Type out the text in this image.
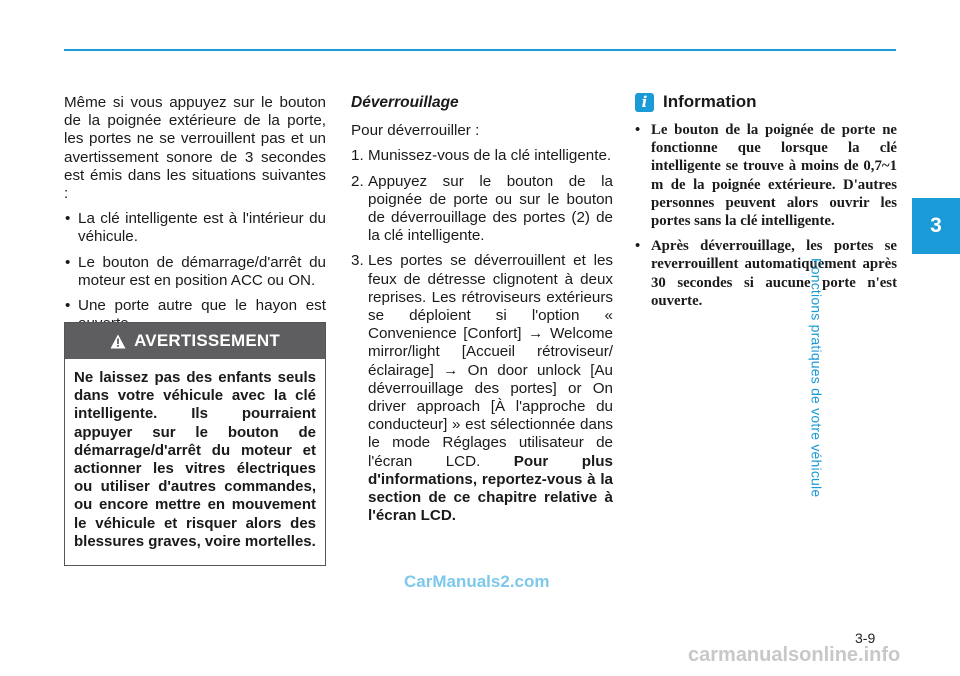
Même si vous appuyez sur le bouton de la poignée extérieure de la porte, les portes ne se verrouillent pas et un avertissement sonore de 3 secondes est émis dans les situations suivantes :

• La clé intelligente est à l'intérieur du véhicule.
• Le bouton de démarrage/d'arrêt du moteur est en position ACC ou ON.
• Une porte autre que le hayon est
AVERTISSEMENT
Ne laissez pas des enfants seuls dans votre véhicule avec la clé intelligente. Ils pourraient appuyer sur le bouton de démarrage/d'arrêt du moteur et actionner les vitres électriques ou utiliser d'autres commandes, ou encore mettre en mouvement le véhicule et risquer alors des blessures graves, voire mortelles.
Déverrouillage

Pour déverrouiller :

1. Munissez-vous de la clé intelligente.
2. Appuyez sur le bouton de la poignée de porte ou sur le bouton de déverrouillage des portes (2) de la clé intelligente.
3. Les portes se déverrouillent et les feux de détresse clignotent à deux reprises. Les rétroviseurs extérieurs se déploient si l'option « Convenience [Confort] → Welcome mirror/light [Accueil rétroviseur/éclairage] → On door unlock [Au déverrouillage des portes] or On driver approach [À l'approche du conducteur] » est sélectionnée dans le mode Réglages utilisateur de l'écran LCD. Pour plus d'informations, reportez-vous à la section de ce chapitre relative à l'écran LCD.
i Information
• Le bouton de la poignée de porte ne fonctionne que lorsque la clé intelligente se trouve à moins de 0,7~1 m de la poignée extérieure. D'autres personnes peuvent alors ouvrir les portes sans la clé intelligente.
• Après déverrouillage, les portes se reverrouillent automatiquement après 30 secondes si aucune porte n'est ouverte.
3
Fonctions pratiques de votre véhicule
3-9
CarManuals2.com
carmanualsonline.info
